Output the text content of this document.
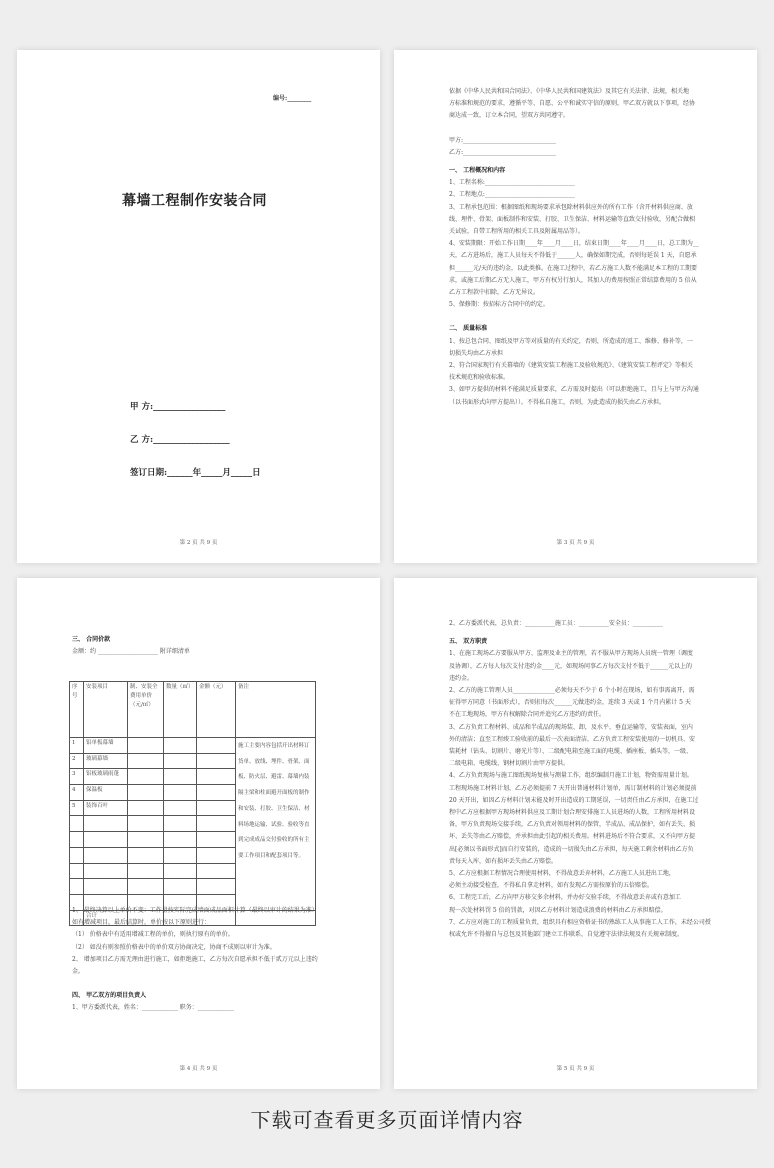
编号:________
幕墙工程制作安装合同
甲 方:_________________
乙 方:__________________
签订日期:______年_____月_____日
第 2 页 共 9 页

依据《中华人民共和国合同法》、《中华人民共和国建筑法》及其它有关法律、法规，相关地

方标准和规范的要求，遵循平等、自愿、公平和诚实守信的原则，甲乙双方就以下事项，经协

商达成一致，订立本合同，望双方共同遵守。

甲方:_______________________________

乙方:_______________________________

一、 工程概况和内容

1、工程名称:______________________________

2、工程地点:______________________________

3、工程承包范围：根据图纸和现场要求承包除材料供应外的所有工作（含开材料供应商、放

线、埋件、骨架、面板制作和安装、打胶、卫生保洁、材料运输等直致交付验收，另配合做相

关试验，自带工程所用的相关工具及附属用品等）。

4、安装期限：开始工作日期____年____月____日，结束日期____年____月____日，总工期为__

天，乙方进场后，施工人员每天不得低于______人，确保如期完成，否则每延误 1 天，自愿承

担______元/天的违约金，以此类推。在施工过程中，若乙方施工人数不能满足本工程的工期要

求，或施工后期乙方无人施工，甲方有权另行加人，其加人的费用按照正常结算费用的 5 倍从

乙方工程款中扣除，乙方无异议。

5、保修期：按招标方合同中的约定。

二、 质量标准

1、按总包合同、图纸及甲方等对质量的有关约定，否则，所造成的返工、维修、修补等，一

切损失均由乙方承担

2、符合国家现行有关幕墙的《建筑安装工程施工及验收规范》、《建筑安装工程评定》等相关

技术规范和验收标准。

3、如甲方提供的材料不能满足质量要求，乙方需及时提出（可以拒绝施工，且与上与甲方沟通

（以书面形式向甲方提出））。不得私自施工，否则，为此造成的损失由乙方承担。

第 3 页 共 9 页

三、 合同价款

金额：约 ____________________ 附详细清单

序号	安装项目	制、安装全费用单价（元/㎡）	数量（㎡）	金额（元）	备注
1	铝单板幕墙				施工主要内容包括开出材料订货单、放线、埋件、骨架、面板、防火层、避雷、幕墙内装隔主梁和柱面避开面板的制作和安装、打胶、卫生保洁、材料场地运输、试验、验收等直到完成成品交付验收的所有主要工作项目和配套项目等。
2	玻璃幕墙				
3	铝板玻璃雨蓬				
4	保温板				
5	装饰百叶				

	合计				

1、 最终决算以上单价不变：工作量按实际完成墙面成品面积计算（最终以审计的结果为准）

如有增减项目，最后结算时，单价按以下原则进行：

（1） 价格表中有适用增减工程的单价，则执行原有的单价。

（2） 如没有则参照价格表中的单价双方协商决定，协商不成则以审计为准。

2、 增加项目乙方需无理由进行施工，如拒绝施工，乙方每次自愿承担不低于贰万元以上违约

金。

四、 甲乙双方的项目负责人

1、甲方委派代表，姓名：____________ 职务：____________

第 4 页 共 9 页

2、乙方委派代表，总负责：__________施工员：__________安全员：__________

五、 双方职责

1、在施工现场乙方要服从甲方、监理及业主的管理，若不服从甲方现场人员统一管理（调度

及协调），乙方每人每次支付违约金____元，如现场问事乙方每次支付不低于______元以上的

违约金。

2、乙方的施工管理人员______________必须每天不少于 6 个小时在现场，如有事需离开，需

征得甲方同意（书面形式），否则扣每次______元做违约金，连续 3 天或 1 个月内累计 5 天

不在工地现场，甲方有权解除合同并追究乙方违约的责任。

3、乙方负责工程材料、成品和半成品的现场装、卸，及水平、垂直运输等，安装表面，室内

外的清洁；直至工程竣工验收前的最后一次表面清洁，乙方负责工程安装使用的一切机具、安

装耗材（钻头、切割片、磨光片等）、二级配电箱至施工面的电缆、插座板、插头等，一级、

二级电箱、电缆线、钢材切割片由甲方提供。

4、乙方负责现场与施工图纸现场复核与测量工作，组织编制月施工计划，物资需用量计划。

工程现场施工材料计划，乙方必须提前 7 天开出普通材料计划单，需订制材料的计划必须提前

20 天开出，如因乙方材料计划未能及时开出造成的工期延误，一切责任由乙方承担，在施工过

程中乙方应根据甲方现场材料供应及工期计划合理安排施工人员进场的人数，工程所用材料设

备，甲方负责现场交接手续，乙方负责对领用材料的保管，半成品、成品保护，如有丢失、损

坏、丢失等由乙方赔偿，并承担由此引起的相关费用。材料进场后不符合要求，又不向甲方提

出[必须以书面形式]而自行安装的，造成的一切损失由乙方承担，每天施工剩余材料由乙方负

责每天入库，如有损坏丢失由乙方赔偿。

5、乙方应根据工程情况合理使用材料，不得故意丢弃材料，乙方施工人员进出工地，

必须主动接受检查，不得私自拿走材料，如有发现乙方需按原价的五倍赔偿。

6、工程完工后，乙方向甲方移交多余材料，并办好交验手续，不得故意丢弃或有意加工

现一次处材料罚 5 倍的罚款，对因乙方材料计划造成浪费的材料由乙方承担赔偿。

7、乙方应对施工的工程质量负责，组织具有相应资格证书的熟练工人从事施工人工作，未经公司授

权或允许不得擅自与总包及其他部门建立工作联系，自觉遵守法律法规及有关规章制度。

第 5 页 共 9 页
下载可查看更多页面详情内容
